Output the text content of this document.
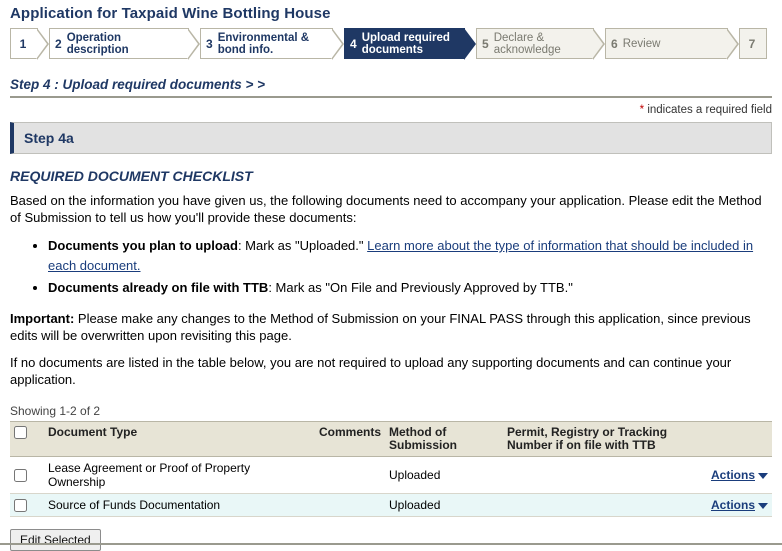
Application for Taxpaid Wine Bottling House
1 2 Operation description	3 Environmental & bond info.	4 Upload required documents	5 Declare & acknowledge	6 Review	7
Step 4 : Upload required documents > >
* indicates a required field
Step 4a
REQUIRED DOCUMENT CHECKLIST

Based on the information you have given us, the following documents need to accompany your application. Please edit the Method of Submission to tell us how you'll provide these documents:

• Documents you plan to upload: Mark as "Uploaded." Learn more about the type of information that should be included in each document.
• Documents already on file with TTB: Mark as "On File and Previously Approved by TTB."

Important: Please make any changes to the Method of Submission on your FINAL PASS through this application, since previous edits will be overwritten upon revisiting this page.

If no documents are listed in the table below, you are not required to upload any supporting documents and can continue your application.

Showing 1-2 of 2
	Document Type	Comments	Method of Submission	Permit, Registry or Tracking Number if on file with TTB	
	Lease Agreement or Proof of Property Ownership		Uploaded		Actions
	Source of Funds Documentation		Uploaded		Actions
Edit Selected
